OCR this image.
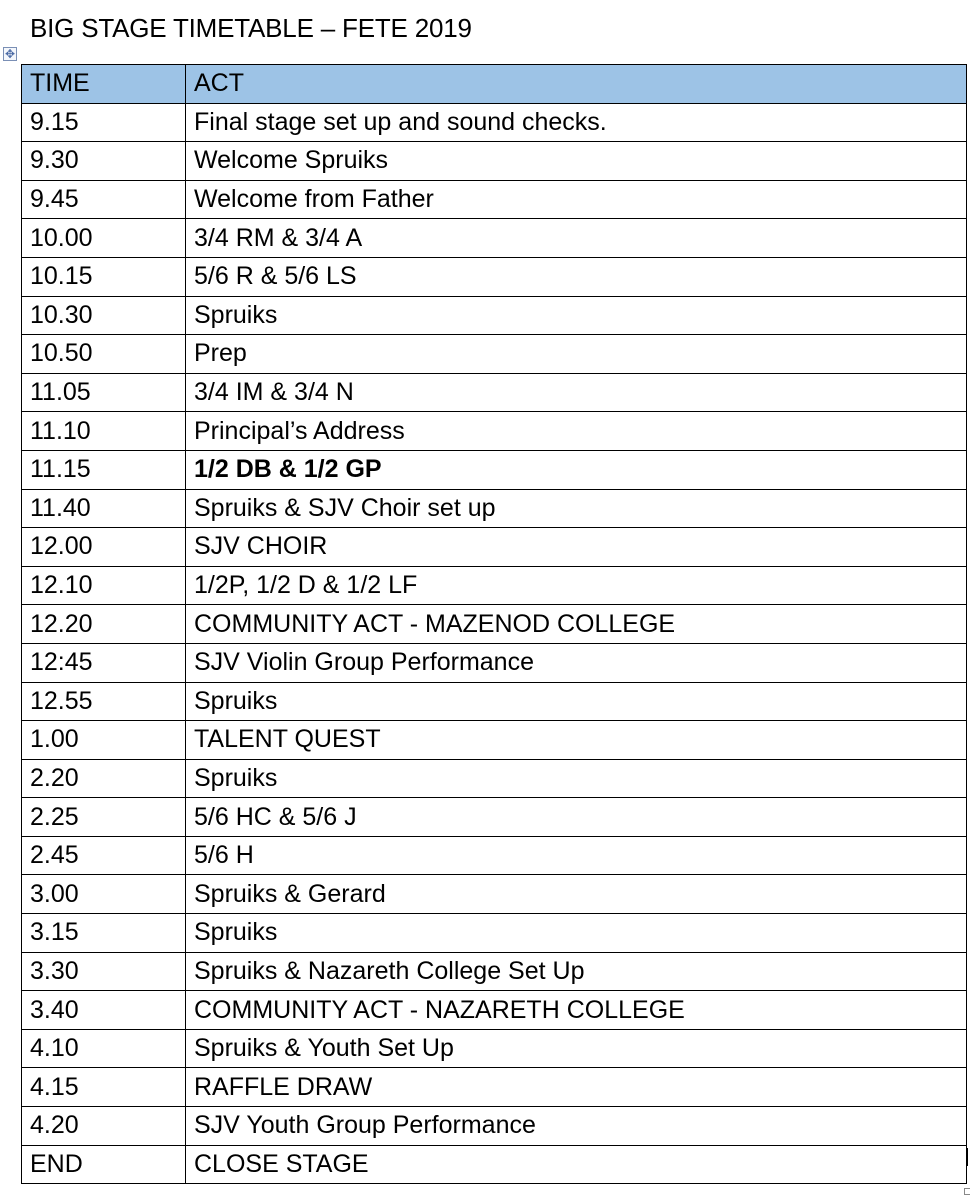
BIG STAGE TIMETABLE – FETE 2019
✥
TIME	ACT
9.15	Final stage set up and sound checks.
9.30	Welcome Spruiks
9.45	Welcome from Father
10.00	3/4 RM & 3/4 A
10.15	5/6 R & 5/6 LS
10.30	Spruiks
10.50	Prep
11.05	3/4 IM & 3/4 N
11.10	Principal’s Address
11.15	1/2 DB & 1/2 GP
11.40	Spruiks & SJV Choir set up
12.00	SJV CHOIR
12.10	1/2P, 1/2 D & 1/2 LF
12.20	COMMUNITY ACT - MAZENOD COLLEGE
12:45	SJV Violin Group Performance
12.55	Spruiks
1.00	TALENT QUEST
2.20	Spruiks
2.25	5/6 HC & 5/6 J
2.45	5/6 H
3.00	Spruiks & Gerard
3.15	Spruiks
3.30	Spruiks & Nazareth College Set Up
3.40	COMMUNITY ACT - NAZARETH COLLEGE
4.10	Spruiks & Youth Set Up
4.15	RAFFLE DRAW
4.20	SJV Youth Group Performance
END	CLOSE STAGE
